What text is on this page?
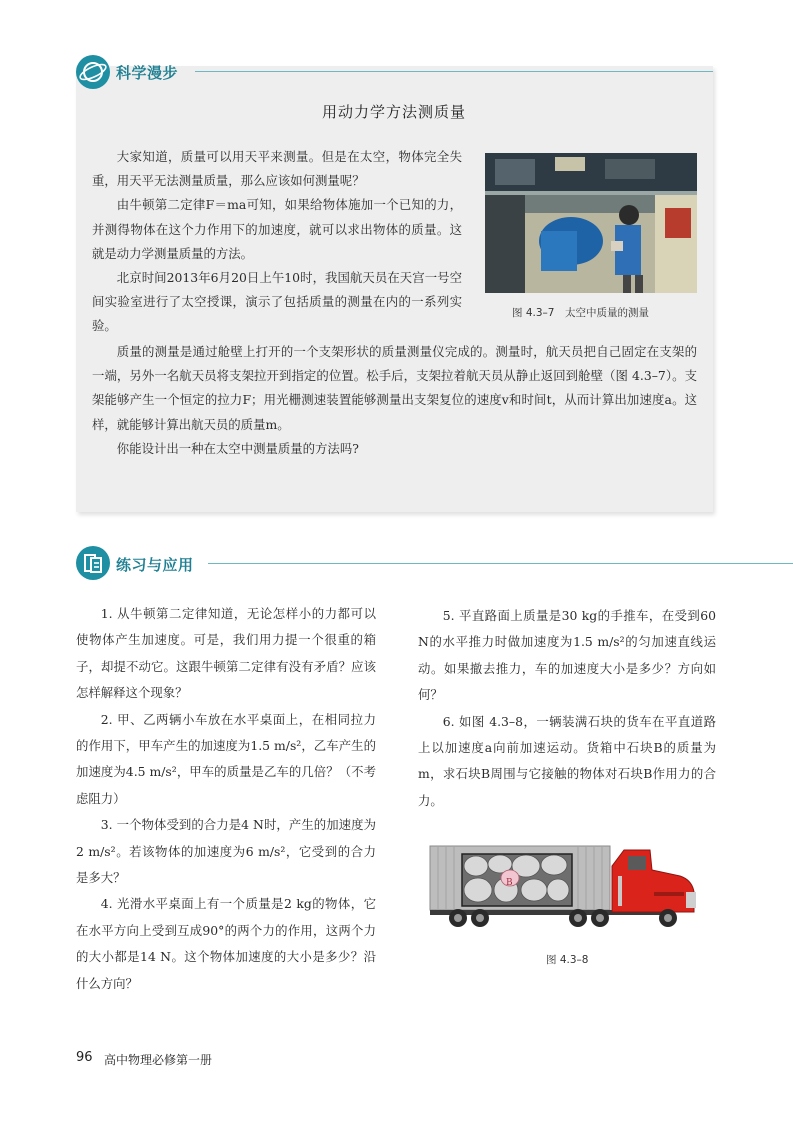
科学漫步
用动力学方法测质量

大家知道，质量可以用天平来测量。但是在太空，物体完全失重，用天平无法测量质量，那么应该如何测量呢？

由牛顿第二定律F＝ma可知，如果给物体施加一个已知的力，并测得物体在这个力作用下的加速度，就可以求出物体的质量。这就是动力学测量质量的方法。

北京时间2013年6月20日上午10时，我国航天员在天宫一号空间实验室进行了太空授课，演示了包括质量的测量在内的一系列实验。

图 4.3–7　太空中质量的测量

质量的测量是通过舱壁上打开的一个支架形状的质量测量仪完成的。测量时，航天员把自己固定在支架的一端，另外一名航天员将支架拉开到指定的位置。松手后，支架拉着航天员从静止返回到舱壁（图 4.3–7）。支架能够产生一个恒定的拉力F；用光栅测速装置能够测量出支架复位的速度v和时间t，从而计算出加速度a。这样，就能够计算出航天员的质量m。

你能设计出一种在太空中测量质量的方法吗?

练习与应用

1. 从牛顿第二定律知道，无论怎样小的力都可以使物体产生加速度。可是，我们用力提一个很重的箱子，却提不动它。这跟牛顿第二定律有没有矛盾？应该怎样解释这个现象？

2. 甲、乙两辆小车放在水平桌面上，在相同拉力的作用下，甲车产生的加速度为1.5 m/s²，乙车产生的加速度为4.5 m/s²，甲车的质量是乙车的几倍？（不考虑阻力）

3. 一个物体受到的合力是4 N时，产生的加速度为2 m/s²。若该物体的加速度为6 m/s²，它受到的合力是多大？

4. 光滑水平桌面上有一个质量是2 kg的物体，它在水平方向上受到互成90°的两个力的作用，这两个力的大小都是14 N。这个物体加速度的大小是多少？沿什么方向？

5. 平直路面上质量是30 kg的手推车，在受到60 N的水平推力时做加速度为1.5 m/s²的匀加速直线运动。如果撤去推力，车的加速度大小是多少？方向如何？

6. 如图 4.3–8，一辆装满石块的货车在平直道路上以加速度a向前加速运动。货箱中石块B的质量为m，求石块B周围与它接触的物体对石块B作用力的合力。

B
图 4.3–8
96 高中物理必修第一册
